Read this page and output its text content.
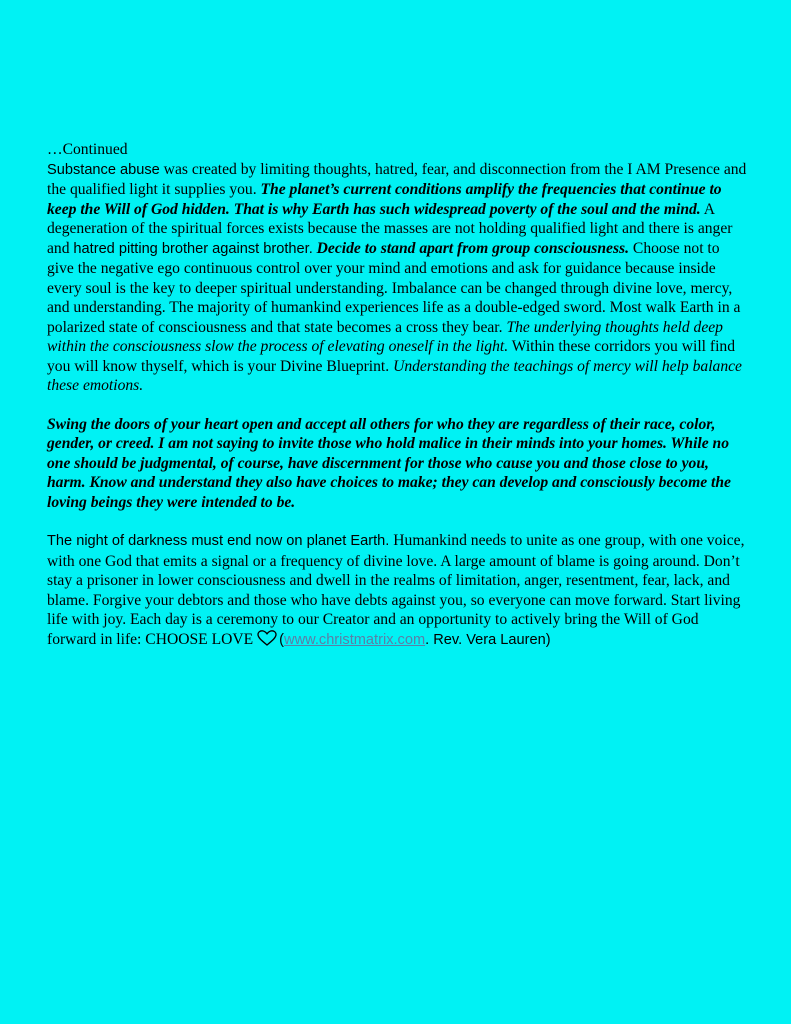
…Continued

Substance abuse was created by limiting thoughts, hatred, fear, and disconnection from the I AM Presence and the qualified light it supplies you. The planet’s current conditions amplify the frequencies that continue to keep the Will of God hidden. That is why Earth has such widespread poverty of the soul and the mind. A degeneration of the spiritual forces exists because the masses are not holding qualified light and there is anger and hatred pitting brother against brother. Decide to stand apart from group consciousness. Choose not to give the negative ego continuous control over your mind and emotions and ask for guidance because inside every soul is the key to deeper spiritual understanding. Imbalance can be changed through divine love, mercy, and understanding. The majority of humankind experiences life as a double-edged sword. Most walk Earth in a polarized state of consciousness and that state becomes a cross they bear. The underlying thoughts held deep within the consciousness slow the process of elevating oneself in the light. Within these corridors you will find you will know thyself, which is your Divine Blueprint. Understanding the teachings of mercy will help balance these emotions.

Swing the doors of your heart open and accept all others for who they are regardless of their race, color, gender, or creed. I am not saying to invite those who hold malice in their minds into your homes. While no one should be judgmental, of course, have discernment for those who cause you and those close to you, harm. Know and understand they also have choices to make; they can develop and consciously become the loving beings they were intended to be.

The night of darkness must end now on planet Earth. Humankind needs to unite as one group, with one voice, with one God that emits a signal or a frequency of divine love. A large amount of blame is going around. Don’t stay a prisoner in lower consciousness and dwell in the realms of limitation, anger, resentment, fear, lack, and blame. Forgive your debtors and those who have debts against you, so everyone can move forward. Start living life with joy. Each day is a ceremony to our Creator and an opportunity to actively bring the Will of God forward in life: CHOOSE LOVE (www.christmatrix.com. Rev. Vera Lauren)
